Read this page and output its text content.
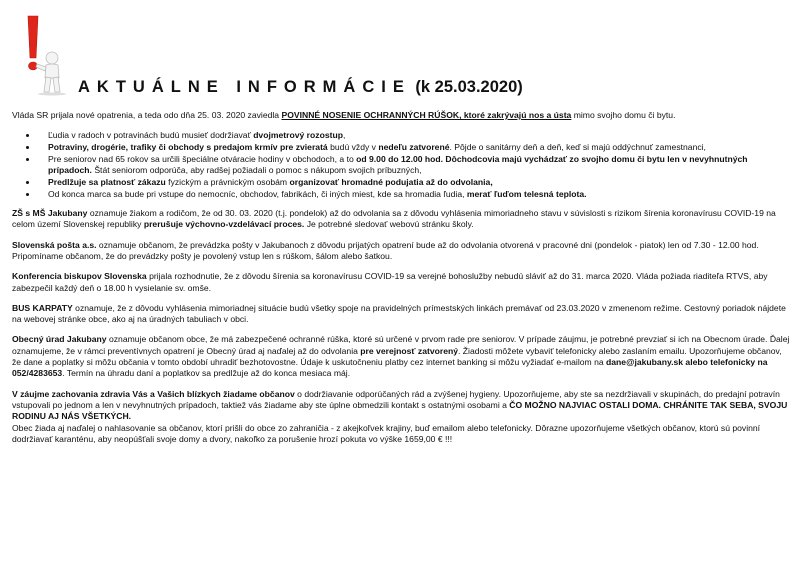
AKTUÁLNE INFORMÁCIE (k 25.03.2020)

Vláda SR prijala nové opatrenia, a teda odo dňa 25. 03. 2020 zaviedla POVINNÉ NOSENIE OCHRANNÝCH RÚŠOK, ktoré zakrývajú nos a ústa mimo svojho domu či bytu.

• Ľudia v radoch v potravinách budú musieť dodržiavať dvojmetrový rozostup,
• Potraviny, drogérie, trafiky či obchody s predajom krmív pre zvieratá budú vždy v nedeľu zatvorené. Pôjde o sanitárny deň a deň, keď si majú oddýchnuť zamestnanci,
• Pre seniorov nad 65 rokov sa určili špeciálne otváracie hodiny v obchodoch, a to od 9.00 do 12.00 hod. Dôchodcovia majú vychádzať zo svojho domu či bytu len v nevyhnutných prípadoch. Štát seniorom odporúča, aby radšej požiadali o pomoc s nákupom svojich príbuzných,
• Predlžuje sa platnosť zákazu fyzickým a právnickým osobám organizovať hromadné podujatia až do odvolania,
• Od konca marca sa bude pri vstupe do nemocníc, obchodov, fabrikách, či iných miest, kde sa hromadia ľudia, merať ľuďom telesná teplota.

ZŠ s MŠ Jakubany oznamuje žiakom a rodičom, že od 30. 03. 2020 (t.j. pondelok) až do odvolania sa z dôvodu vyhlásenia mimoriadneho stavu v súvislosti s rizikom šírenia koronavírusu COVID-19 na celom území Slovenskej republiky prerušuje výchovno-vzdelávací proces. Je potrebné sledovať webovú stránku školy.

Slovenská pošta a.s. oznamuje občanom, že prevádzka pošty v Jakubanoch z dôvodu prijatých opatrení bude až do odvolania otvorená v pracovné dni (pondelok - piatok) len od 7.30 - 12.00 hod. Pripomíname občanom, že do prevádzky pošty je povolený vstup len s rúškom, šálom alebo šatkou.

Konferencia biskupov Slovenska prijala rozhodnutie, že z dôvodu šírenia sa koronavírusu COVID-19 sa verejné bohoslužby nebudú sláviť až do 31. marca 2020. Vláda požiada riaditeľa RTVS, aby zabezpečil každý deň o 18.00 h vysielanie sv. omše.

BUS KARPATY oznamuje, že z dôvodu vyhlásenia mimoriadnej situácie budú všetky spoje na pravidelných prímestských linkách premávať od 23.03.2020 v zmenenom režime. Cestovný poriadok nájdete na webovej stránke obce, ako aj na úradných tabuliach v obci.

Obecný úrad Jakubany oznamuje občanom obce, že má zabezpečené ochranné rúška, ktoré sú určené v prvom rade pre seniorov. V prípade záujmu, je potrebné prevziať si ich na Obecnom úrade. Ďalej oznamujeme, že v rámci preventívnych opatrení je Obecný úrad aj naďalej až do odvolania pre verejnosť zatvorený. Žiadosti môžete vybaviť telefonicky alebo zaslaním emailu. Upozorňujeme občanov, že dane a poplatky si môžu občania v tomto období uhradiť bezhotovostne. Údaje k uskutočneniu platby cez internet banking si môžu vyžiadať e-mailom na dane@jakubany.sk alebo telefonicky na 052/4283653. Termín na úhradu daní a poplatkov sa predlžuje až do konca mesiaca máj.

V záujme zachovania zdravia Vás a Vašich blízkych žiadame občanov o dodržiavanie odporúčaných rád a zvýšenej hygieny. Upozorňujeme, aby ste sa nezdržiavali v skupinách, do predajní potravín vstupovali po jednom a len v nevyhnutných prípadoch, taktiež vás žiadame aby ste úplne obmedzili kontakt s ostatnými osobami a ČO MOŽNO NAJVIAC OSTALI DOMA. CHRÁNITE TAK SEBA, SVOJU RODINU AJ NÁS VŠETKÝCH.
Obec žiada aj naďalej o nahlasovanie sa občanov, ktorí prišli do obce zo zahraničia - z akejkoľvek krajiny, buď emailom alebo telefonicky. Dôrazne upozorňujeme všetkých občanov, ktorú sú povinní dodržiavať karanténu, aby neopúšťali svoje domy a dvory, nakoľko za porušenie hrozí pokuta vo výške 1659,00 € !!!
